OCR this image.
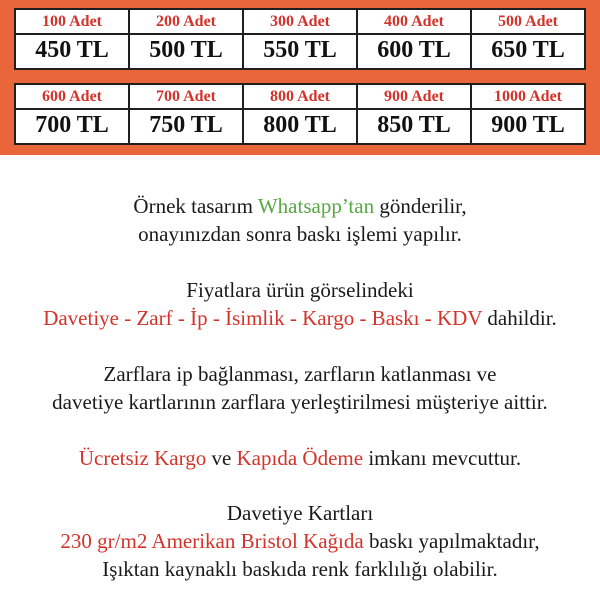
100 Adet	200 Adet	300 Adet	400 Adet	500 Adet
450 TL	500 TL	550 TL	600 TL	650 TL
600 Adet	700 Adet	800 Adet	900 Adet	1000 Adet
700 TL	750 TL	800 TL	850 TL	900 TL

Örnek tasarım Whatsapp’tan gönderilir,
onayınızdan sonra baskı işlemi yapılır.

Fiyatlara ürün görselindeki
Davetiye - Zarf - İp - İsimlik - Kargo - Baskı - KDV dahildir.

Zarflara ip bağlanması, zarfların katlanması ve
davetiye kartlarının zarflara yerleştirilmesi müşteriye aittir.

Ücretsiz Kargo ve Kapıda Ödeme imkanı mevcuttur.

Davetiye Kartları
230 gr/m2 Amerikan Bristol Kağıda baskı yapılmaktadır,
Işıktan kaynaklı baskıda renk farklılığı olabilir.
